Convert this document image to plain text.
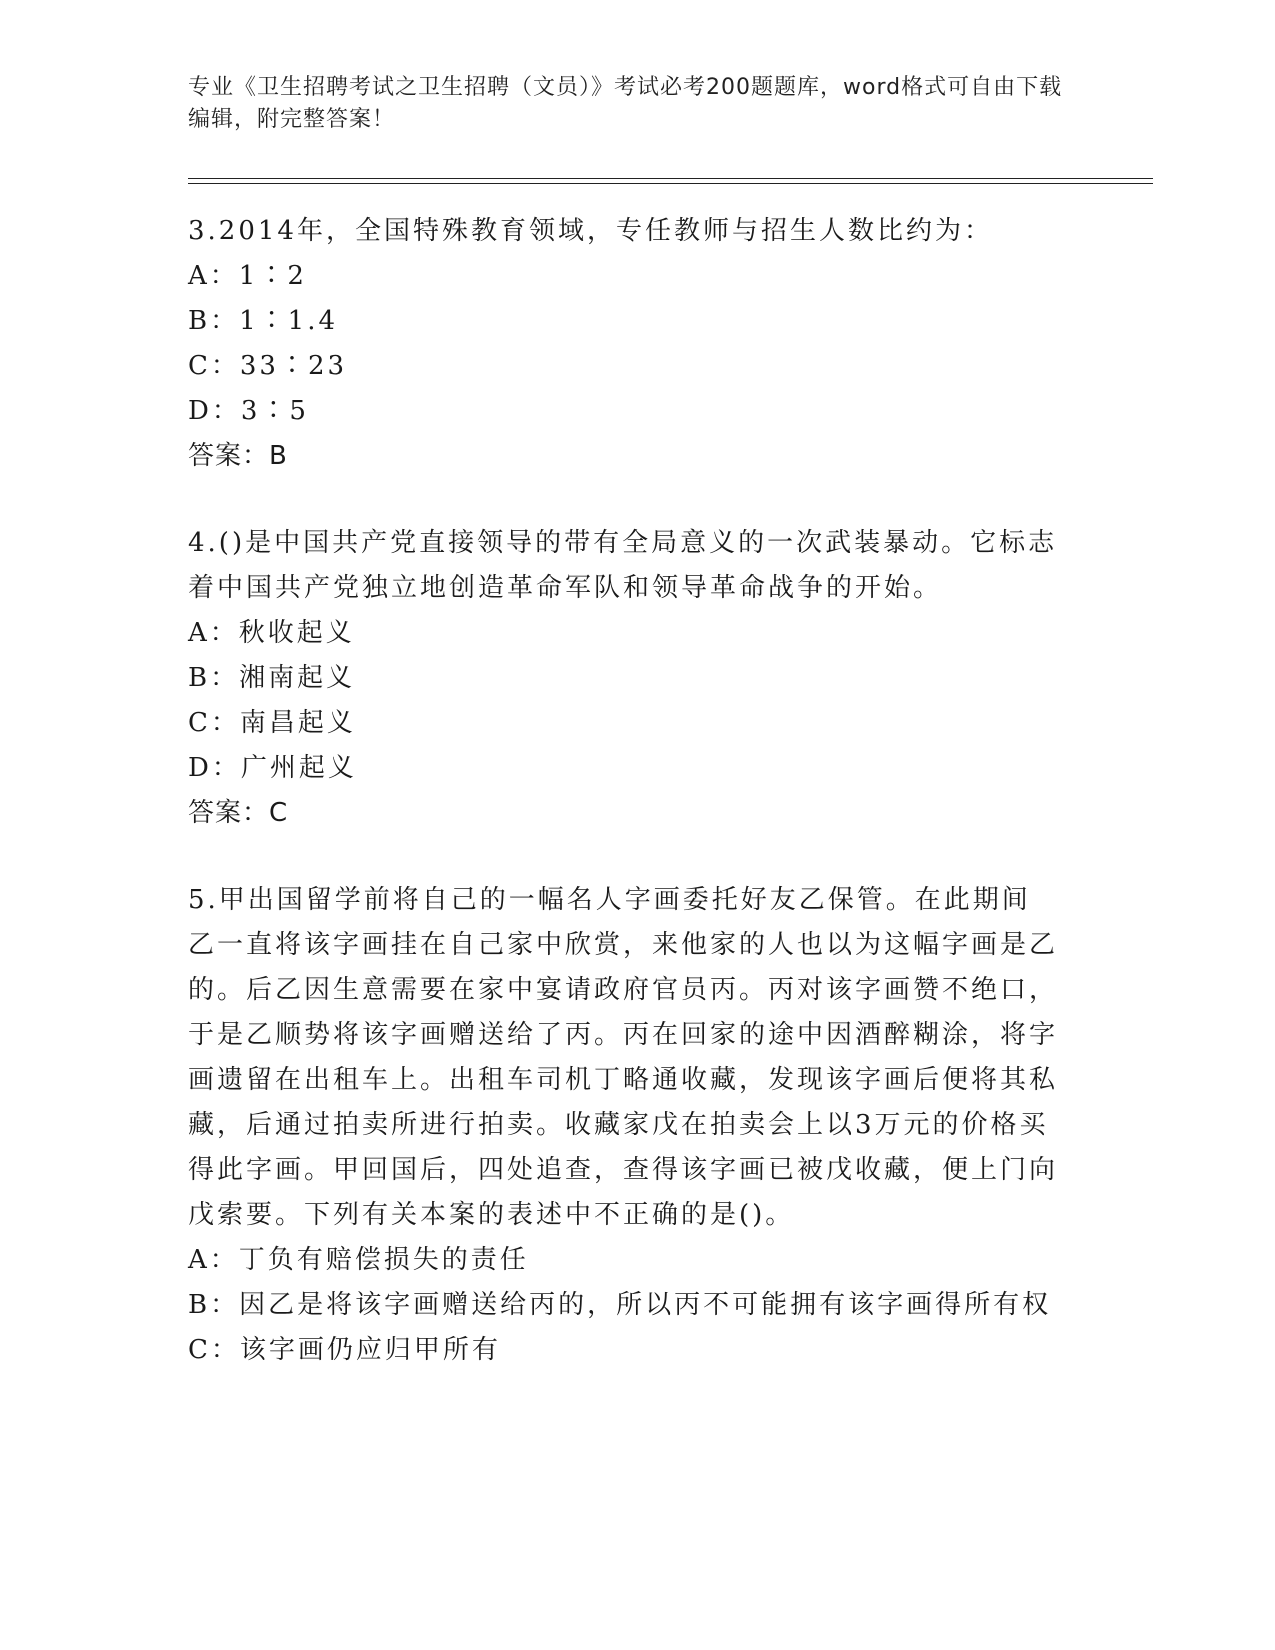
专业《卫生招聘考试之卫生招聘（文员）》考试必考200题题库，word格式可自由下载编辑，附完整答案！
3.2014年，全国特殊教育领域，专任教师与招生人数比约为：
A：1∶2
B：1∶1.4
C：33∶23
D：3∶5
答案：B
4.()是中国共产党直接领导的带有全局意义的一次武装暴动。它标志着中国共产党独立地创造革命军队和领导革命战争的开始。
A：秋收起义
B：湘南起义
C：南昌起义
D：广州起义
答案：C
5.甲出国留学前将自己的一幅名人字画委托好友乙保管。在此期间乙一直将该字画挂在自己家中欣赏，来他家的人也以为这幅字画是乙的。后乙因生意需要在家中宴请政府官员丙。丙对该字画赞不绝口，于是乙顺势将该字画赠送给了丙。丙在回家的途中因酒醉糊涂，将字画遗留在出租车上。出租车司机丁略通收藏，发现该字画后便将其私藏，后通过拍卖所进行拍卖。收藏家戊在拍卖会上以3万元的价格买得此字画。甲回国后，四处追查，查得该字画已被戊收藏，便上门向戊索要。下列有关本案的表述中不正确的是()。
A：丁负有赔偿损失的责任
B：因乙是将该字画赠送给丙的，所以丙不可能拥有该字画得所有权
C：该字画仍应归甲所有
